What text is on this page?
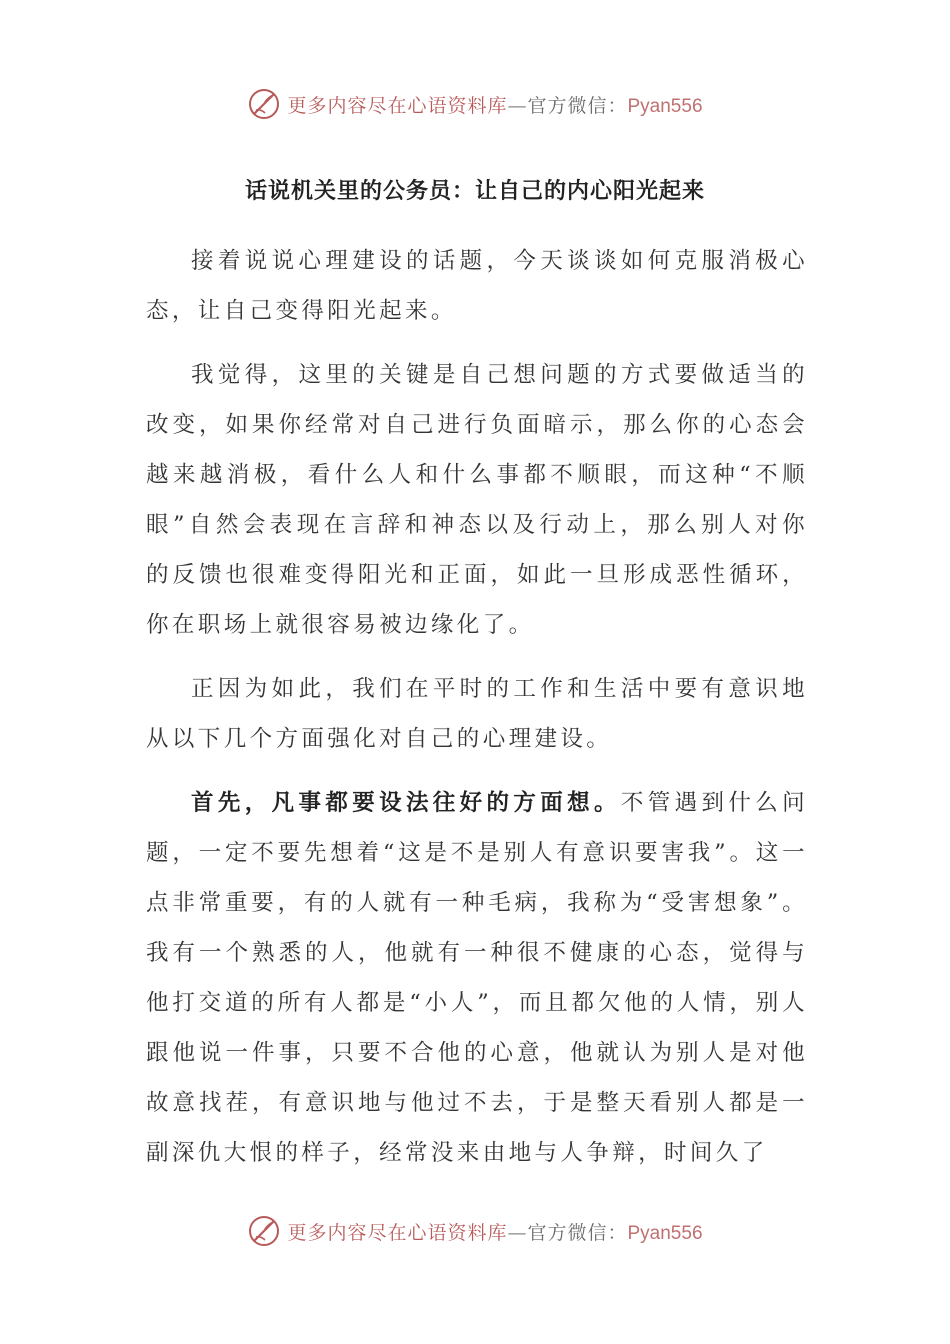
更多内容尽在心语资料库—官方微信：Pyan556
话说机关里的公务员：让自己的内心阳光起来

接着说说心理建设的话题，今天谈谈如何克服消极心态，让自己变得阳光起来。

我觉得，这里的关键是自己想问题的方式要做适当的改变，如果你经常对自己进行负面暗示，那么你的心态会越来越消极，看什么人和什么事都不顺眼，而这种“不顺眼”自然会表现在言辞和神态以及行动上，那么别人对你的反馈也很难变得阳光和正面，如此一旦形成恶性循环，你在职场上就很容易被边缘化了。

正因为如此，我们在平时的工作和生活中要有意识地从以下几个方面强化对自己的心理建设。

首先，凡事都要设法往好的方面想。不管遇到什么问题，一定不要先想着“这是不是别人有意识要害我”。这一点非常重要，有的人就有一种毛病，我称为“受害想象”。我有一个熟悉的人，他就有一种很不健康的心态，觉得与他打交道的所有人都是“小人”，而且都欠他的人情，别人跟他说一件事，只要不合他的心意，他就认为别人是对他故意找茬，有意识地与他过不去，于是整天看别人都是一副深仇大恨的样子，经常没来由地与人争辩，时间久了

更多内容尽在心语资料库—官方微信：Pyan556
